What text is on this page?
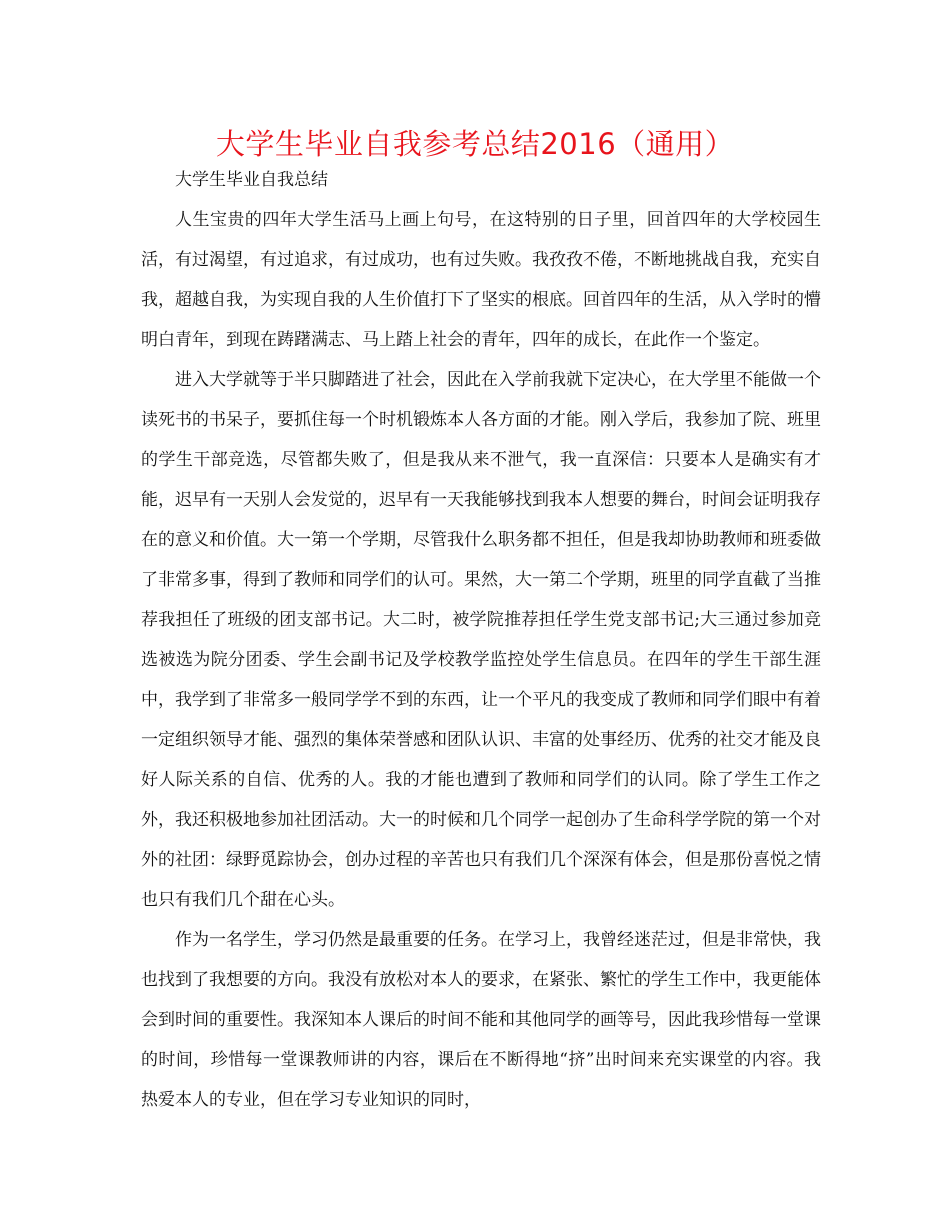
大学生毕业自我参考总结2016（通用）

大学生毕业自我总结

人生宝贵的四年大学生活马上画上句号，在这特别的日子里，回首四年的大学校园生活，有过渴望，有过追求，有过成功，也有过失败。我孜孜不倦，不断地挑战自我，充实自我，超越自我，为实现自我的人生价值打下了坚实的根底。回首四年的生活，从入学时的懵明白青年，到现在踌躇满志、马上踏上社会的青年，四年的成长，在此作一个鉴定。

进入大学就等于半只脚踏进了社会，因此在入学前我就下定决心，在大学里不能做一个读死书的书呆子，要抓住每一个时机锻炼本人各方面的才能。刚入学后，我参加了院、班里的学生干部竞选，尽管都失败了，但是我从来不泄气，我一直深信：只要本人是确实有才能，迟早有一天别人会发觉的，迟早有一天我能够找到我本人想要的舞台，时间会证明我存在的意义和价值。大一第一个学期，尽管我什么职务都不担任，但是我却协助教师和班委做了非常多事，得到了教师和同学们的认可。果然，大一第二个学期，班里的同学直截了当推荐我担任了班级的团支部书记。大二时，被学院推荐担任学生党支部书记;大三通过参加竞选被选为院分团委、学生会副书记及学校教学监控处学生信息员。在四年的学生干部生涯中，我学到了非常多一般同学学不到的东西，让一个平凡的我变成了教师和同学们眼中有着一定组织领导才能、强烈的集体荣誉感和团队认识、丰富的处事经历、优秀的社交才能及良好人际关系的自信、优秀的人。我的才能也遭到了教师和同学们的认同。除了学生工作之外，我还积极地参加社团活动。大一的时候和几个同学一起创办了生命科学学院的第一个对外的社团：绿野觅踪协会，创办过程的辛苦也只有我们几个深深有体会，但是那份喜悦之情也只有我们几个甜在心头。

作为一名学生，学习仍然是最重要的任务。在学习上，我曾经迷茫过，但是非常快，我也找到了我想要的方向。我没有放松对本人的要求，在紧张、繁忙的学生工作中，我更能体会到时间的重要性。我深知本人课后的时间不能和其他同学的画等号，因此我珍惜每一堂课的时间，珍惜每一堂课教师讲的内容，课后在不断得地“挤”出时间来充实课堂的内容。我热爱本人的专业，但在学习专业知识的同时，
